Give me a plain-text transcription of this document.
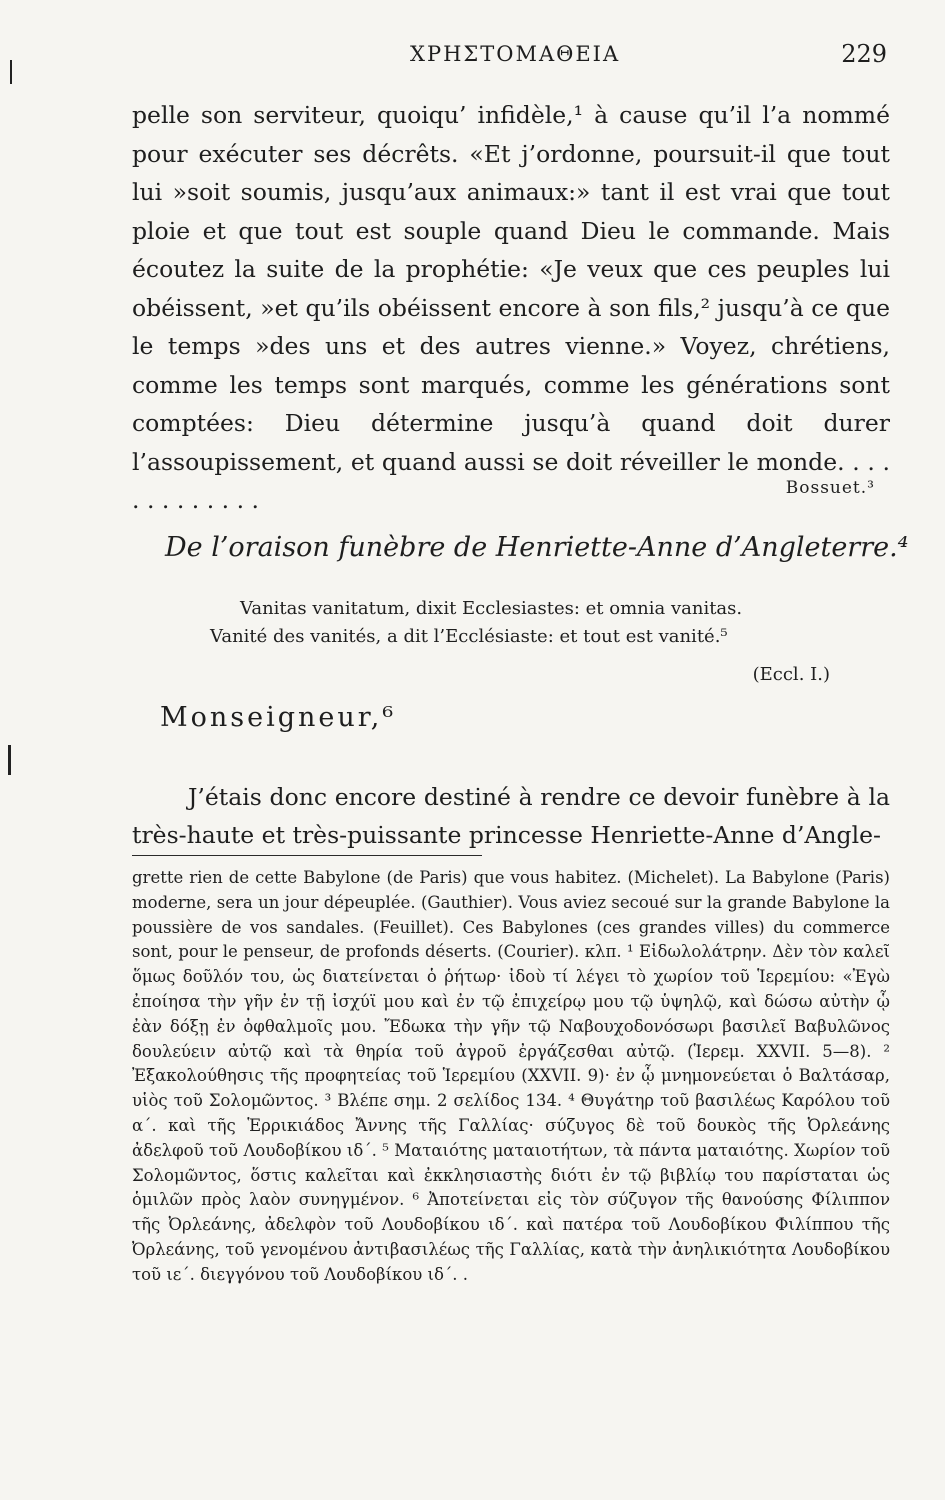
ΧΡΗΣΤΟΜΑΘΕΙΑ	229

pelle son serviteur, quoiqu’ infidèle,¹ à cause qu’il l’a nommé pour exécuter ses décrêts. «Et j’ordonne, poursuit-il que tout lui »soit soumis, jusqu’aux animaux:» tant il est vrai que tout ploie et que tout est souple quand Dieu le commande. Mais écoutez la suite de la prophétie: «Je veux que ces peuples lui obéissent, »et qu’ils obéissent encore à son fils,² jusqu’à ce que le temps »des uns et des autres vienne.» Voyez, chrétiens, comme les temps sont marqués, comme les générations sont comptées: Dieu détermine jusqu’à quand doit durer l’assoupissement, et quand aussi se doit réveiller le monde. . . . . . . . . . . . .	Bossuet.³
De l’oraison funèbre de Henriette-Anne d’Angleterre.⁴
Vanitas vanitatum, dixit Ecclesiastes: et omnia vanitas.
Vanité des vanités, a dit l’Ecclésiaste: et tout est vanité.⁵
(Eccl. I.)
Monseigneur,⁶

J’étais donc encore destiné à rendre ce devoir funèbre à la très-haute et très-puissante princesse Henriette-Anne d’Angle-

grette rien de cette Babylone (de Paris) que vous habitez. (Michelet). La Babylone (Paris) moderne, sera un jour dépeuplée. (Gauthier). Vous aviez secoué sur la grande Babylone la poussière de vos sandales. (Feuillet). Ces Babylones (ces grandes villes) du commerce sont, pour le penseur, de profonds déserts. (Courier). κλπ. ¹ Εἰδωλολάτρην. Δὲν τὸν καλεῖ ὅμως δοῦλόν του, ὡς διατείνεται ὁ ῥήτωρ· ἰδοὺ τί λέγει τὸ χωρίον τοῦ Ἱερεμίου: «Ἐγὼ ἐποίησα τὴν γῆν ἐν τῇ ἰσχύϊ μου καὶ ἐν τῷ ἐπιχείρῳ μου τῷ ὑψηλῷ, καὶ δώσω αὐτὴν ᾧ ἐὰν δόξῃ ἐν ὀφθαλμοῖς μου. Ἔδωκα τὴν γῆν τῷ Ναβουχοδονόσωρι βασιλεῖ Βαβυλῶνος δουλεύειν αὐτῷ καὶ τὰ θηρία τοῦ ἀγροῦ ἐργάζεσθαι αὐτῷ. (Ἱερεμ. XXVII. 5—8). ² Ἐξακολούθησις τῆς προφητείας τοῦ Ἱερεμίου (XXVII. 9)· ἐν ᾧ μνημονεύεται ὁ Βαλτάσαρ, υἱὸς τοῦ Σολομῶντος. ³ Βλέπε σημ. 2 σελίδος 134. ⁴ Θυγάτηρ τοῦ βασιλέως Καρόλου τοῦ α΄. καὶ τῆς Ἑρρικιάδος Ἄννης τῆς Γαλλίας· σύζυγος δὲ τοῦ δουκὸς τῆς Ὀρλεάνης ἀδελφοῦ τοῦ Λουδοβίκου ιδ΄. ⁵ Ματαιότης ματαιοτήτων, τὰ πάντα ματαιότης. Χωρίον τοῦ Σολομῶντος, ὅστις καλεῖται καὶ ἐκκλησιαστὴς διότι ἐν τῷ βιβλίῳ του παρίσταται ὡς ὁμιλῶν πρὸς λαὸν συνηγμένον. ⁶ Ἀποτείνεται εἰς τὸν σύζυγον τῆς θανούσης Φίλιππον τῆς Ὀρλεάνης, ἀδελφὸν τοῦ Λουδοβίκου ιδ΄. καὶ πατέρα τοῦ Λουδοβίκου Φιλίππου τῆς Ὀρλεάνης, τοῦ γενομένου ἀντιβασιλέως τῆς Γαλλίας, κατὰ τὴν ἀνηλικιότητα Λουδοβίκου τοῦ ιε΄. διεγγόνου τοῦ Λουδοβίκου ιδ΄. .
